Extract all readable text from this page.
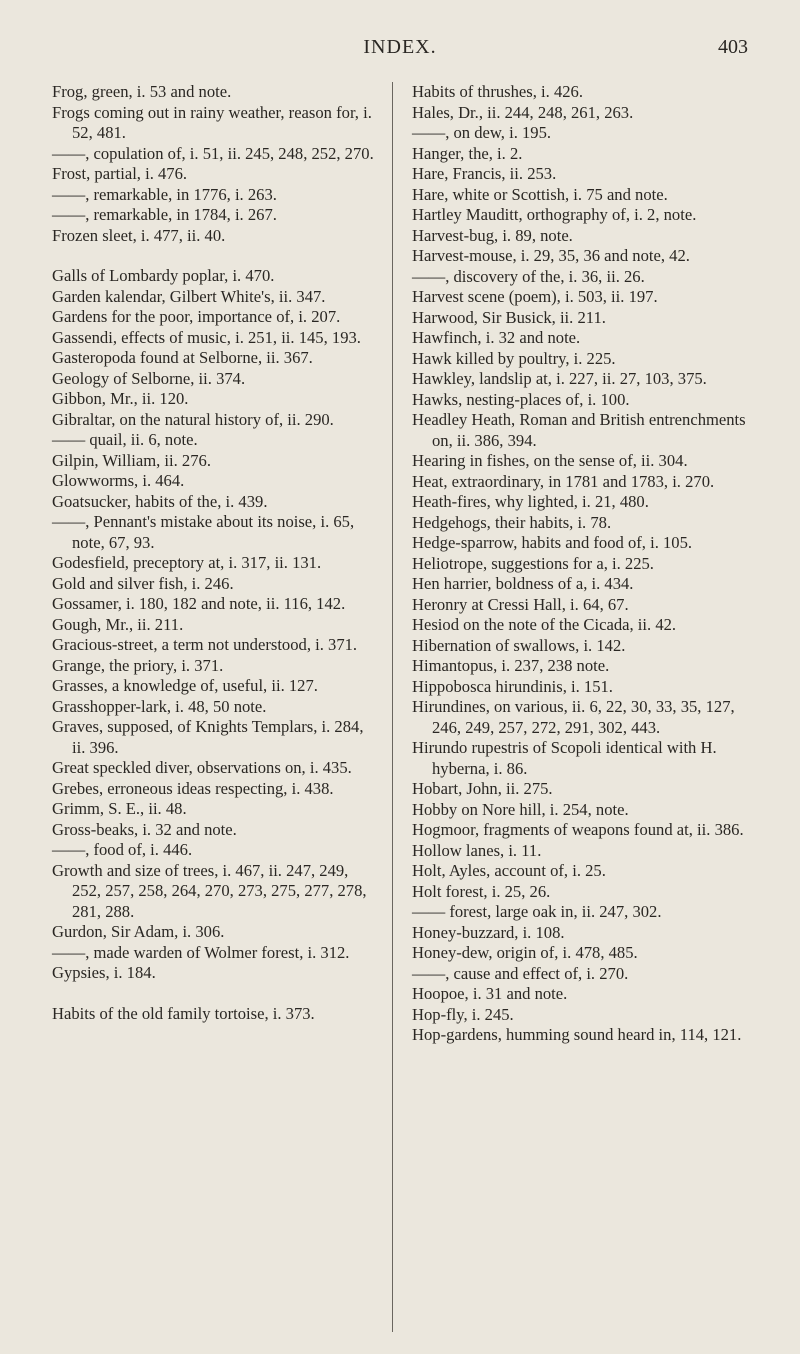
INDEX.	403
Frog, green, i. 53 and note.
Frogs coming out in rainy weather, reason for, i. 52, 481.
——, copulation of, i. 51, ii. 245, 248, 252, 270.
Frost, partial, i. 476.
——, remarkable, in 1776, i. 263.
——, remarkable, in 1784, i. 267.
Frozen sleet, i. 477, ii. 40.
Galls of Lombardy poplar, i. 470.
Garden kalendar, Gilbert White's, ii. 347.
Gardens for the poor, importance of, i. 207.
Gassendi, effects of music, i. 251, ii. 145, 193.
Gasteropoda found at Selborne, ii. 367.
Geology of Selborne, ii. 374.
Gibbon, Mr., ii. 120.
Gibraltar, on the natural history of, ii. 290.
—— quail, ii. 6, note.
Gilpin, William, ii. 276.
Glowworms, i. 464.
Goatsucker, habits of the, i. 439.
——, Pennant's mistake about its noise, i. 65, note, 67, 93.
Godesfield, preceptory at, i. 317, ii. 131.
Gold and silver fish, i. 246.
Gossamer, i. 180, 182 and note, ii. 116, 142.
Gough, Mr., ii. 211.
Gracious-street, a term not understood, i. 371.
Grange, the priory, i. 371.
Grasses, a knowledge of, useful, ii. 127.
Grasshopper-lark, i. 48, 50 note.
Graves, supposed, of Knights Templars, i. 284, ii. 396.
Great speckled diver, observations on, i. 435.
Grebes, erroneous ideas respecting, i. 438.
Grimm, S. E., ii. 48.
Gross-beaks, i. 32 and note.
——, food of, i. 446.
Growth and size of trees, i. 467, ii. 247, 249, 252, 257, 258, 264, 270, 273, 275, 277, 278, 281, 288.
Gurdon, Sir Adam, i. 306.
——, made warden of Wolmer forest, i. 312.
Gypsies, i. 184.
Habits of the old family tortoise, i. 373.
Habits of thrushes, i. 426.
Hales, Dr., ii. 244, 248, 261, 263.
——, on dew, i. 195.
Hanger, the, i. 2.
Hare, Francis, ii. 253.
Hare, white or Scottish, i. 75 and note.
Hartley Mauditt, orthography of, i. 2, note.
Harvest-bug, i. 89, note.
Harvest-mouse, i. 29, 35, 36 and note, 42.
——, discovery of the, i. 36, ii. 26.
Harvest scene (poem), i. 503, ii. 197.
Harwood, Sir Busick, ii. 211.
Hawfinch, i. 32 and note.
Hawk killed by poultry, i. 225.
Hawkley, landslip at, i. 227, ii. 27, 103, 375.
Hawks, nesting-places of, i. 100.
Headley Heath, Roman and British entrenchments on, ii. 386, 394.
Hearing in fishes, on the sense of, ii. 304.
Heat, extraordinary, in 1781 and 1783, i. 270.
Heath-fires, why lighted, i. 21, 480.
Hedgehogs, their habits, i. 78.
Hedge-sparrow, habits and food of, i. 105.
Heliotrope, suggestions for a, i. 225.
Hen harrier, boldness of a, i. 434.
Heronry at Cressi Hall, i. 64, 67.
Hesiod on the note of the Cicada, ii. 42.
Hibernation of swallows, i. 142.
Himantopus, i. 237, 238 note.
Hippobosca hirundinis, i. 151.
Hirundines, on various, ii. 6, 22, 30, 33, 35, 127, 246, 249, 257, 272, 291, 302, 443.
Hirundo rupestris of Scopoli identical with H. hyberna, i. 86.
Hobart, John, ii. 275.
Hobby on Nore hill, i. 254, note.
Hogmoor, fragments of weapons found at, ii. 386.
Hollow lanes, i. 11.
Holt, Ayles, account of, i. 25.
Holt forest, i. 25, 26.
—— forest, large oak in, ii. 247, 302.
Honey-buzzard, i. 108.
Honey-dew, origin of, i. 478, 485.
——, cause and effect of, i. 270.
Hoopoe, i. 31 and note.
Hop-fly, i. 245.
Hop-gardens, humming sound heard in, 114, 121.
